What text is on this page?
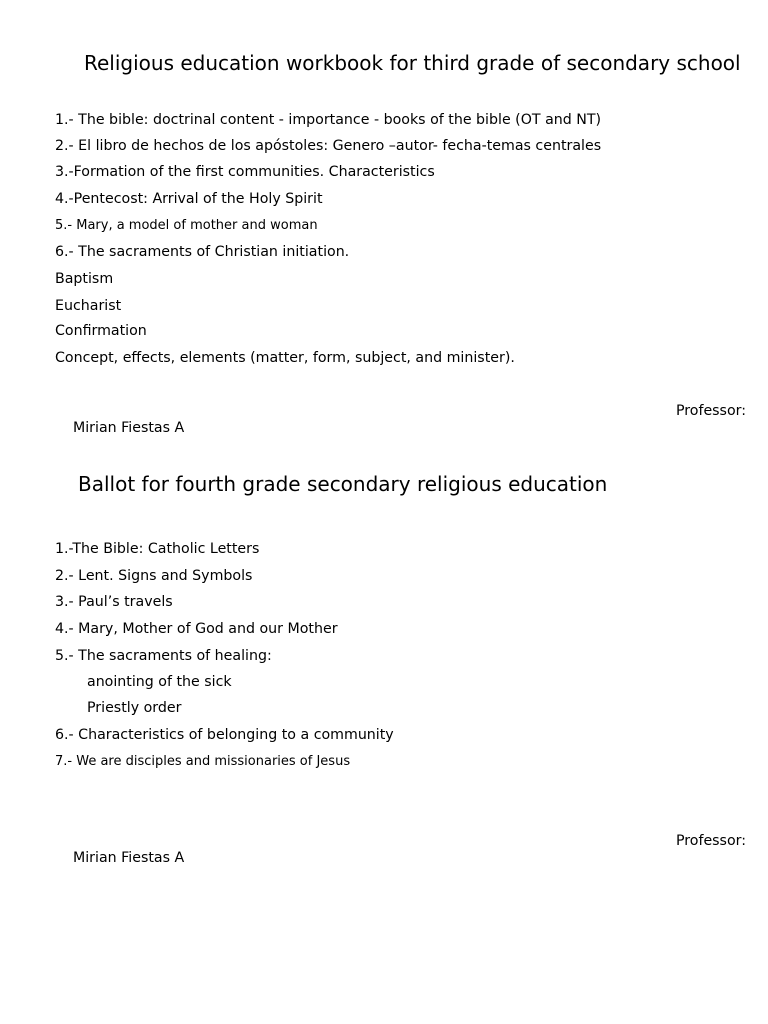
Religious education workbook for third grade of secondary school
1.- The bible: doctrinal content - importance - books of the bible (OT and NT)
2.- El libro de hechos de los apóstoles: Genero –autor- fecha-temas centrales
3.-Formation of the first communities. Characteristics
4.-Pentecost: Arrival of the Holy Spirit
5.- Mary, a model of mother and woman
6.- The sacraments of Christian initiation.
Baptism
Eucharist
Confirmation
Concept, effects, elements (matter, form, subject, and minister).
Professor:
Mirian Fiestas A
Ballot for fourth grade secondary religious education
1.-The Bible: Catholic Letters
2.- Lent. Signs and Symbols
3.- Paul’s travels
4.- Mary, Mother of God and our Mother
5.- The sacraments of healing:
anointing of the sick
Priestly order
6.- Characteristics of belonging to a community
7.- We are disciples and missionaries of Jesus
Professor:
Mirian Fiestas A
